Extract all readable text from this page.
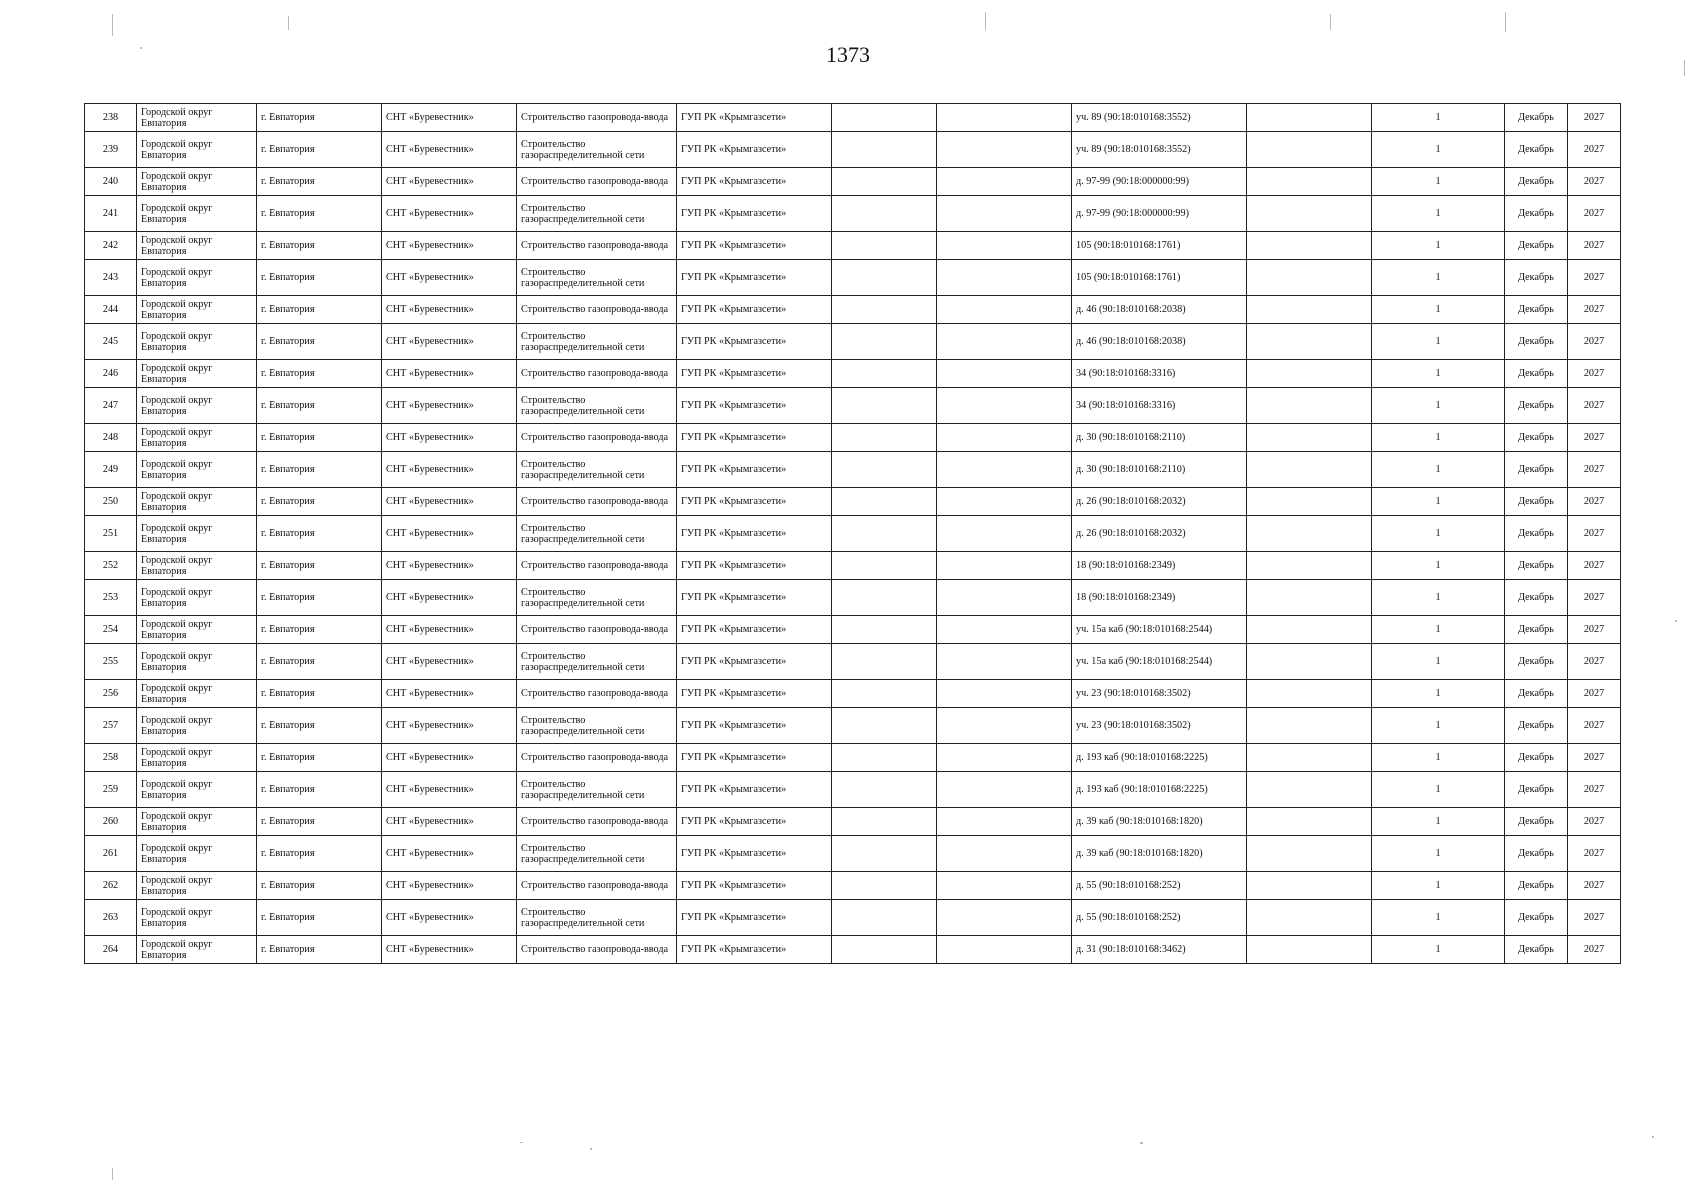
1373
238	Городской округ Евпатория	г. Евпатория	СНТ «Буревестник»	Строительство газопровода-ввода	ГУП РК «Крымгазсети»			уч. 89 (90:18:010168:3552)		1	Декабрь	2027
239	Городской округ Евпатория	г. Евпатория	СНТ «Буревестник»	Строительство газораспределительной сети	ГУП РК «Крымгазсети»			уч. 89 (90:18:010168:3552)		1	Декабрь	2027
240	Городской округ Евпатория	г. Евпатория	СНТ «Буревестник»	Строительство газопровода-ввода	ГУП РК «Крымгазсети»			д. 97-99 (90:18:000000:99)		1	Декабрь	2027
241	Городской округ Евпатория	г. Евпатория	СНТ «Буревестник»	Строительство газораспределительной сети	ГУП РК «Крымгазсети»			д. 97-99 (90:18:000000:99)		1	Декабрь	2027
242	Городской округ Евпатория	г. Евпатория	СНТ «Буревестник»	Строительство газопровода-ввода	ГУП РК «Крымгазсети»			105 (90:18:010168:1761)		1	Декабрь	2027
243	Городской округ Евпатория	г. Евпатория	СНТ «Буревестник»	Строительство газораспределительной сети	ГУП РК «Крымгазсети»			105 (90:18:010168:1761)		1	Декабрь	2027
244	Городской округ Евпатория	г. Евпатория	СНТ «Буревестник»	Строительство газопровода-ввода	ГУП РК «Крымгазсети»			д. 46 (90:18:010168:2038)		1	Декабрь	2027
245	Городской округ Евпатория	г. Евпатория	СНТ «Буревестник»	Строительство газораспределительной сети	ГУП РК «Крымгазсети»			д. 46 (90:18:010168:2038)		1	Декабрь	2027
246	Городской округ Евпатория	г. Евпатория	СНТ «Буревестник»	Строительство газопровода-ввода	ГУП РК «Крымгазсети»			34 (90:18:010168:3316)		1	Декабрь	2027
247	Городской округ Евпатория	г. Евпатория	СНТ «Буревестник»	Строительство газораспределительной сети	ГУП РК «Крымгазсети»			34 (90:18:010168:3316)		1	Декабрь	2027
248	Городской округ Евпатория	г. Евпатория	СНТ «Буревестник»	Строительство газопровода-ввода	ГУП РК «Крымгазсети»			д. 30 (90:18:010168:2110)		1	Декабрь	2027
249	Городской округ Евпатория	г. Евпатория	СНТ «Буревестник»	Строительство газораспределительной сети	ГУП РК «Крымгазсети»			д. 30 (90:18:010168:2110)		1	Декабрь	2027
250	Городской округ Евпатория	г. Евпатория	СНТ «Буревестник»	Строительство газопровода-ввода	ГУП РК «Крымгазсети»			д. 26 (90:18:010168:2032)		1	Декабрь	2027
251	Городской округ Евпатория	г. Евпатория	СНТ «Буревестник»	Строительство газораспределительной сети	ГУП РК «Крымгазсети»			д. 26 (90:18:010168:2032)		1	Декабрь	2027
252	Городской округ Евпатория	г. Евпатория	СНТ «Буревестник»	Строительство газопровода-ввода	ГУП РК «Крымгазсети»			18 (90:18:010168:2349)		1	Декабрь	2027
253	Городской округ Евпатория	г. Евпатория	СНТ «Буревестник»	Строительство газораспределительной сети	ГУП РК «Крымгазсети»			18 (90:18:010168:2349)		1	Декабрь	2027
254	Городской округ Евпатория	г. Евпатория	СНТ «Буревестник»	Строительство газопровода-ввода	ГУП РК «Крымгазсети»			уч. 15а каб (90:18:010168:2544)		1	Декабрь	2027
255	Городской округ Евпатория	г. Евпатория	СНТ «Буревестник»	Строительство газораспределительной сети	ГУП РК «Крымгазсети»			уч. 15а каб (90:18:010168:2544)		1	Декабрь	2027
256	Городской округ Евпатория	г. Евпатория	СНТ «Буревестник»	Строительство газопровода-ввода	ГУП РК «Крымгазсети»			уч. 23 (90:18:010168:3502)		1	Декабрь	2027
257	Городской округ Евпатория	г. Евпатория	СНТ «Буревестник»	Строительство газораспределительной сети	ГУП РК «Крымгазсети»			уч. 23 (90:18:010168:3502)		1	Декабрь	2027
258	Городской округ Евпатория	г. Евпатория	СНТ «Буревестник»	Строительство газопровода-ввода	ГУП РК «Крымгазсети»			д. 193 каб (90:18:010168:2225)		1	Декабрь	2027
259	Городской округ Евпатория	г. Евпатория	СНТ «Буревестник»	Строительство газораспределительной сети	ГУП РК «Крымгазсети»			д. 193 каб (90:18:010168:2225)		1	Декабрь	2027
260	Городской округ Евпатория	г. Евпатория	СНТ «Буревестник»	Строительство газопровода-ввода	ГУП РК «Крымгазсети»			д. 39 каб (90:18:010168:1820)		1	Декабрь	2027
261	Городской округ Евпатория	г. Евпатория	СНТ «Буревестник»	Строительство газораспределительной сети	ГУП РК «Крымгазсети»			д. 39 каб (90:18:010168:1820)		1	Декабрь	2027
262	Городской округ Евпатория	г. Евпатория	СНТ «Буревестник»	Строительство газопровода-ввода	ГУП РК «Крымгазсети»			д. 55 (90:18:010168:252)		1	Декабрь	2027
263	Городской округ Евпатория	г. Евпатория	СНТ «Буревестник»	Строительство газораспределительной сети	ГУП РК «Крымгазсети»			д. 55 (90:18:010168:252)		1	Декабрь	2027
264	Городской округ Евпатория	г. Евпатория	СНТ «Буревестник»	Строительство газопровода-ввода	ГУП РК «Крымгазсети»			д. 31 (90:18:010168:3462)		1	Декабрь	2027
